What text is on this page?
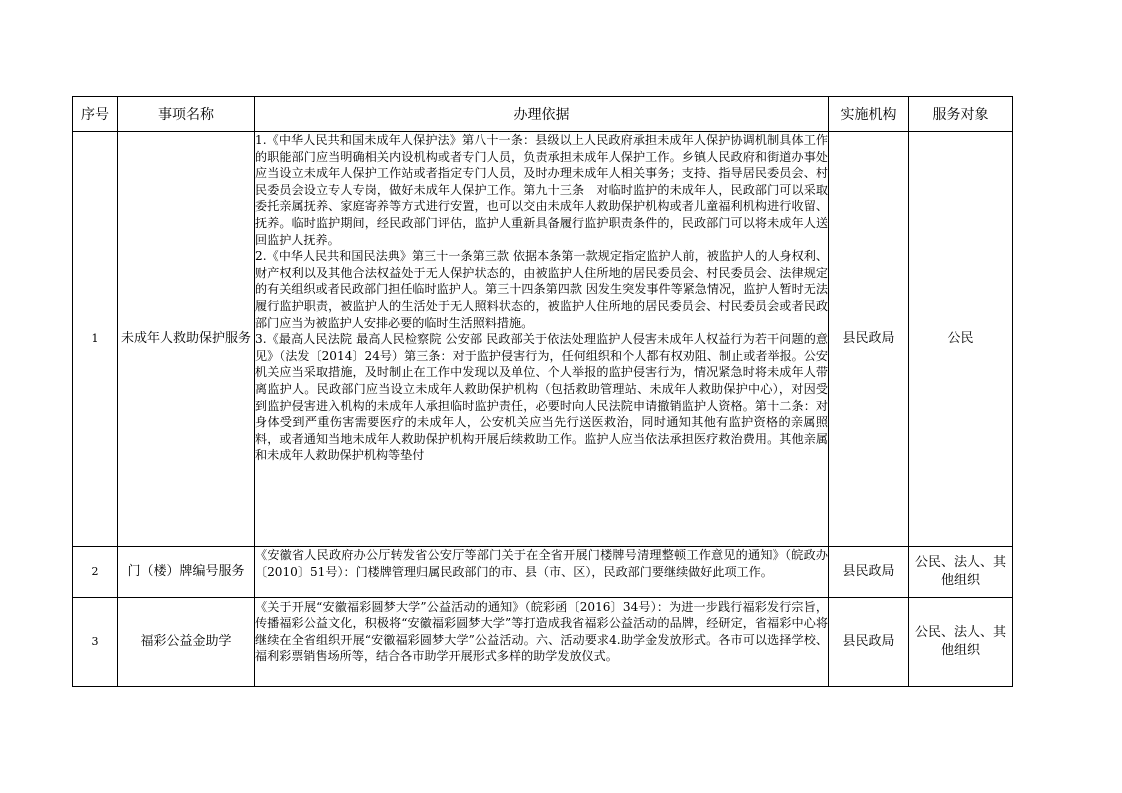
序号	事项名称	办理依据	实施机构	服务对象
1	未成年人救助保护服务	1.《中华人民共和国未成年人保护法》第八十一条：县级以上人民政府承担未成年人保护协调机制具体工作的职能部门应当明确相关内设机构或者专门人员，负责承担未成年人保护工作。乡镇人民政府和街道办事处应当设立未成年人保护工作站或者指定专门人员，及时办理未成年人相关事务；支持、指导居民委员会、村民委员会设立专人专岗，做好未成年人保护工作。第九十三条　对临时监护的未成年人，民政部门可以采取委托亲属抚养、家庭寄养等方式进行安置，也可以交由未成年人救助保护机构或者儿童福利机构进行收留、抚养。临时监护期间，经民政部门评估，监护人重新具备履行监护职责条件的，民政部门可以将未成年人送回监护人抚养。

2.《中华人民共和国民法典》第三十一条第三款 依据本条第一款规定指定监护人前，被监护人的人身权利、财产权利以及其他合法权益处于无人保护状态的，由被监护人住所地的居民委员会、村民委员会、法律规定的有关组织或者民政部门担任临时监护人。第三十四条第四款 因发生突发事件等紧急情况，监护人暂时无法履行监护职责，被监护人的生活处于无人照料状态的，被监护人住所地的居民委员会、村民委员会或者民政部门应当为被监护人安排必要的临时生活照料措施。

3.《最高人民法院 最高人民检察院 公安部 民政部关于依法处理监护人侵害未成年人权益行为若干问题的意见》（法发〔2014〕24号）第三条：对于监护侵害行为，任何组织和个人都有权劝阻、制止或者举报。公安机关应当采取措施，及时制止在工作中发现以及单位、个人举报的监护侵害行为，情况紧急时将未成年人带离监护人。民政部门应当设立未成年人救助保护机构（包括救助管理站、未成年人救助保护中心），对因受到监护侵害进入机构的未成年人承担临时监护责任，必要时向人民法院申请撤销监护人资格。第十二条：对身体受到严重伤害需要医疗的未成年人，公安机关应当先行送医救治，同时通知其他有监护资格的亲属照料，或者通知当地未成年人救助保护机构开展后续救助工作。监护人应当依法承担医疗救治费用。其他亲属和未成年人救助保护机构等垫付	县民政局	公民
2	门（楼）牌编号服务	《安徽省人民政府办公厅转发省公安厅等部门关于在全省开展门楼牌号清理整顿工作意见的通知》（皖政办〔2010〕51号）：门楼牌管理归属民政部门的市、县（市、区），民政部门要继续做好此项工作。	县民政局	公民、法人、其他组织
3	福彩公益金助学	《关于开展“安徽福彩圆梦大学”公益活动的通知》（皖彩函〔2016〕34号）：为进一步践行福彩发行宗旨，传播福彩公益文化，积极将“安徽福彩圆梦大学”等打造成我省福彩公益活动的品牌，经研定，省福彩中心将继续在全省组织开展“安徽福彩圆梦大学”公益活动。六、活动要求4.助学金发放形式。各市可以选择学校、福利彩票销售场所等，结合各市助学开展形式多样的助学发放仪式。	县民政局	公民、法人、其他组织
